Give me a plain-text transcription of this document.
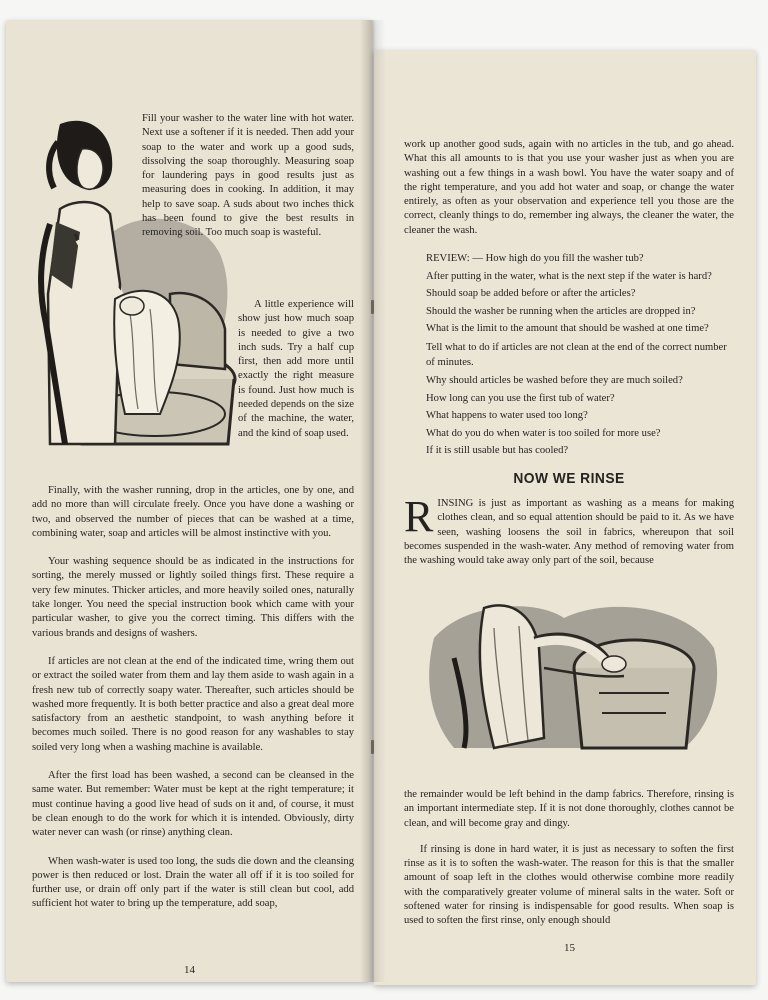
Fill your washer to the water line with hot water. Next use a softener if it is needed. Then add your soap to the water and work up a good suds, dissolving the soap thoroughly. Measuring soap for laundering pays in good results just as measuring does in cooking. In addition, it may help to save soap. A suds about two inches thick has been found to give the best results in removing soil. Too much soap is wasteful.
A little experience will show just how much soap is needed to give a two inch suds. Try a half cup first, then add more until exactly the right measure is found. Just how much is needed depends on the size of the machine, the water, and the kind of soap used.

Finally, with the washer running, drop in the articles, one by one, and add no more than will circulate freely. Once you have done a washing or two, and observed the number of pieces that can be washed at a time, combining water, soap and articles will be almost instinctive with you.

Your washing sequence should be as indicated in the instructions for sorting, the merely mussed or lightly soiled things first. These require a very few minutes. Thicker articles, and more heavily soiled ones, naturally take longer. You need the special instruction book which came with your particular washer, to give you the correct timing. This differs with the various brands and designs of washers.

If articles are not clean at the end of the indicated time, wring them out or extract the soiled water from them and lay them aside to wash again in a fresh new tub of correctly soapy water. Thereafter, such articles should be washed more frequently. It is both better practice and also a great deal more satisfactory from an aesthetic standpoint, to wash anything before it becomes much soiled. There is no good reason for any washables to stay soiled very long when a washing machine is available.

After the first load has been washed, a second can be cleansed in the same water. But remember: Water must be kept at the right temperature; it must continue having a good live head of suds on it and, of course, it must be clean enough to do the work for which it is intended. Obviously, dirty water never can wash (or rinse) anything clean.

When wash-water is used too long, the suds die down and the cleansing power is then reduced or lost. Drain the water all off if it is too soiled for further use, or drain off only part if the water is still clean but cool, add sufficient hot water to bring up the temperature, add soap,

14

work up another good suds, again with no articles in the tub, and go ahead. What this all amounts to is that you use your washer just as when you are washing out a few things in a wash bowl. You have the water soapy and of the right temperature, and you add hot water and soap, or change the water entirely, as often as your observation and experience tell you those are the correct, cleanly things to do, remember ing always, the cleaner the water, the cleaner the wash.

REVIEW: — How high do you fill the washer tub?
After putting in the water, what is the next step if the water is hard?
Should soap be added before or after the articles?
Should the washer be running when the articles are dropped in?
What is the limit to the amount that should be washed at one time?
Tell what to do if articles are not clean at the end of the correct number of minutes.
Why should articles be washed before they are much soiled?
How long can you use the first tub of water?
What happens to water used too long?
What do you do when water is too soiled for more use?
If it is still usable but has cooled?
NOW WE RINSE
R INSING is just as important as washing as a means for making clothes clean, and so equal attention should be paid to it. As we have seen, washing loosens the soil in fabrics, whereupon that soil becomes suspended in the wash-water. Any method of removing water from the washing would take away only part of the soil, because

the remainder would be left behind in the damp fabrics. Therefore, rinsing is an important intermediate step. If it is not done thoroughly, clothes cannot be clean, and will become gray and dingy.

If rinsing is done in hard water, it is just as necessary to soften the first rinse as it is to soften the wash-water. The reason for this is that the smaller amount of soap left in the clothes would otherwise combine more readily with the comparatively greater volume of mineral salts in the water. Soft or softened water for rinsing is indispensable for good results. When soap is used to soften the first rinse, only enough should

15
